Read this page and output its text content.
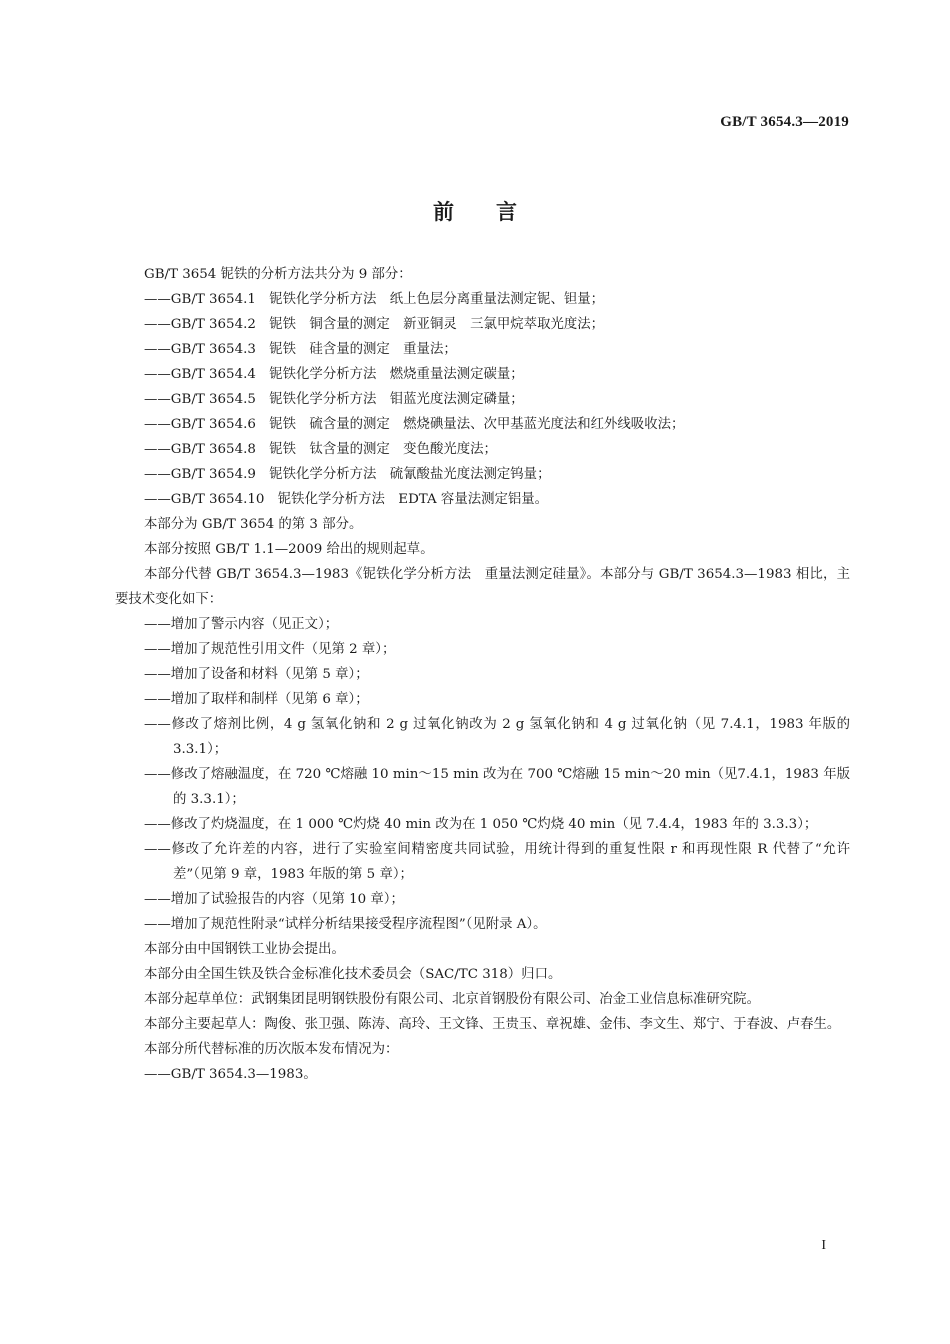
GB/T 3654.3—2019
前言

GB/T 3654 铌铁的分析方法共分为 9 部分：

——GB/T 3654.1　铌铁化学分析方法　纸上色层分离重量法测定铌、钽量；

——GB/T 3654.2　铌铁　铜含量的测定　新亚铜灵　三氯甲烷萃取光度法；

——GB/T 3654.3　铌铁　硅含量的测定　重量法；

——GB/T 3654.4　铌铁化学分析方法　燃烧重量法测定碳量；

——GB/T 3654.5　铌铁化学分析方法　钼蓝光度法测定磷量；

——GB/T 3654.6　铌铁　硫含量的测定　燃烧碘量法、次甲基蓝光度法和红外线吸收法；

——GB/T 3654.8　铌铁　钛含量的测定　变色酸光度法；

——GB/T 3654.9　铌铁化学分析方法　硫氰酸盐光度法测定钨量；

——GB/T 3654.10　铌铁化学分析方法　EDTA 容量法测定铝量。

本部分为 GB/T 3654 的第 3 部分。

本部分按照 GB/T 1.1—2009 给出的规则起草。

本部分代替 GB/T 3654.3—1983《铌铁化学分析方法　重量法测定硅量》。本部分与 GB/T 3654.3—1983 相比，主要技术变化如下：

——增加了警示内容（见正文）；

——增加了规范性引用文件（见第 2 章）；

——增加了设备和材料（见第 5 章）；

——增加了取样和制样（见第 6 章）；

——修改了熔剂比例，4 g 氢氧化钠和 2 g 过氧化钠改为 2 g 氢氧化钠和 4 g 过氧化钠（见 7.4.1，1983 年版的 3.3.1）；

——修改了熔融温度，在 720 ℃熔融 10 min～15 min 改为在 700 ℃熔融 15 min～20 min（见7.4.1，1983 年版的 3.3.1）；

——修改了灼烧温度，在 1 000 ℃灼烧 40 min 改为在 1 050 ℃灼烧 40 min（见 7.4.4，1983 年的 3.3.3）；

——修改了允许差的内容，进行了实验室间精密度共同试验，用统计得到的重复性限 r 和再现性限 R 代替了“允许差”（见第 9 章，1983 年版的第 5 章）；

——增加了试验报告的内容（见第 10 章）；

——增加了规范性附录“试样分析结果接受程序流程图”（见附录 A）。

本部分由中国钢铁工业协会提出。

本部分由全国生铁及铁合金标准化技术委员会（SAC/TC 318）归口。

本部分起草单位：武钢集团昆明钢铁股份有限公司、北京首钢股份有限公司、冶金工业信息标准研究院。

本部分主要起草人：陶俊、张卫强、陈涛、高玲、王文锋、王贵玉、章祝雄、金伟、李文生、郑宁、于春波、卢春生。

本部分所代替标准的历次版本发布情况为：

——GB/T 3654.3—1983。

I
